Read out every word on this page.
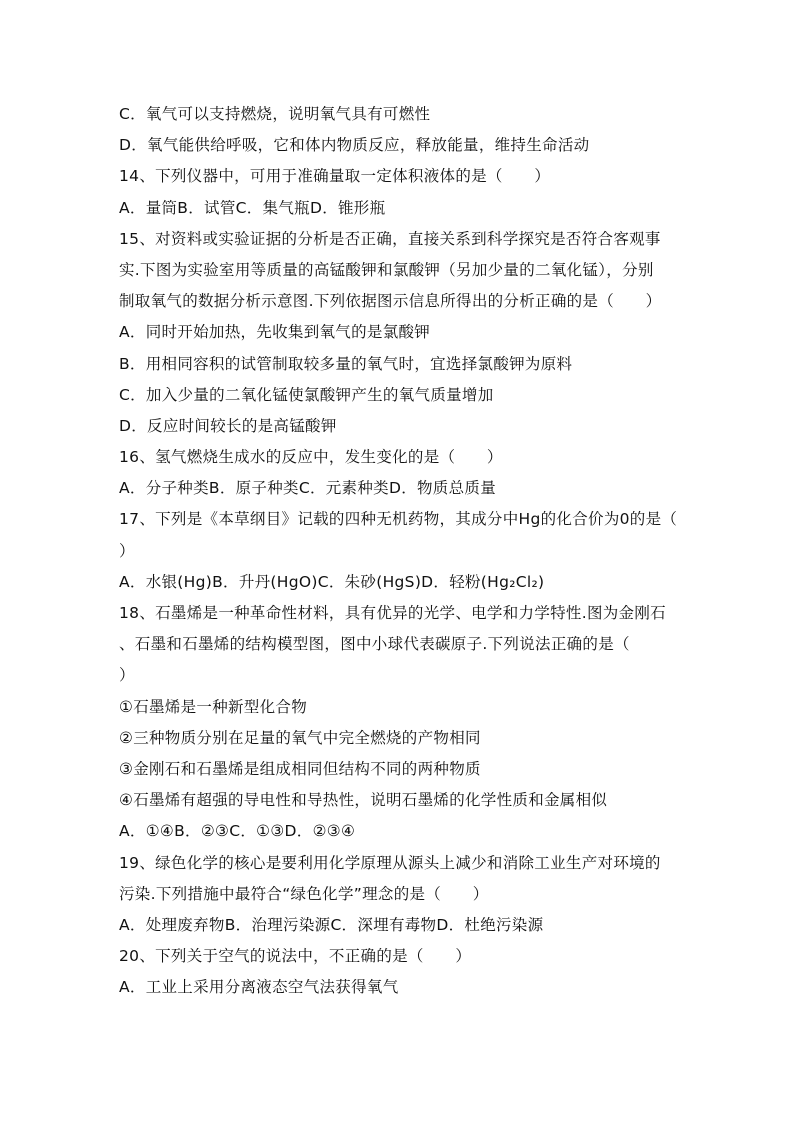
C．氧气可以支持燃烧，说明氧气具有可燃性
D．氧气能供给呼吸，它和体内物质反应，释放能量，维持生命活动
14、下列仪器中，可用于准确量取一定体积液体的是（　　）
A．量筒B．试管C．集气瓶D．锥形瓶
15、对资料或实验证据的分析是否正确，直接关系到科学探究是否符合客观事
实.下图为实验室用等质量的高锰酸钾和氯酸钾（另加少量的二氧化锰），分别
制取氧气的数据分析示意图.下列依据图示信息所得出的分析正确的是（　　）
A．同时开始加热，先收集到氧气的是氯酸钾
B．用相同容积的试管制取较多量的氧气时，宜选择氯酸钾为原料
C．加入少量的二氧化锰使氯酸钾产生的氧气质量增加
D．反应时间较长的是高锰酸钾
16、氢气燃烧生成水的反应中，发生变化的是（　　）
A．分子种类B．原子种类C．元素种类D．物质总质量
17、下列是《本草纲目》记载的四种无机药物，其成分中Hg的化合价为0的是（
）
A．水银(Hg)B．升丹(HgO)C．朱砂(HgS)D．轻粉(Hg₂Cl₂)
18、石墨烯是一种革命性材料，具有优异的光学、电学和力学特性.图为金刚石
、石墨和石墨烯的结构模型图，图中小球代表碳原子.下列说法正确的是（
）
①石墨烯是一种新型化合物
②三种物质分别在足量的氧气中完全燃烧的产物相同
③金刚石和石墨烯是组成相同但结构不同的两种物质
④石墨烯有超强的导电性和导热性，说明石墨烯的化学性质和金属相似
A．①④B．②③C．①③D．②③④
19、绿色化学的核心是要利用化学原理从源头上减少和消除工业生产对环境的
污染.下列措施中最符合“绿色化学”理念的是（　　）
A．处理废弃物B．治理污染源C．深埋有毒物D．杜绝污染源
20、下列关于空气的说法中，不正确的是（　　）
A．工业上采用分离液态空气法获得氧气
